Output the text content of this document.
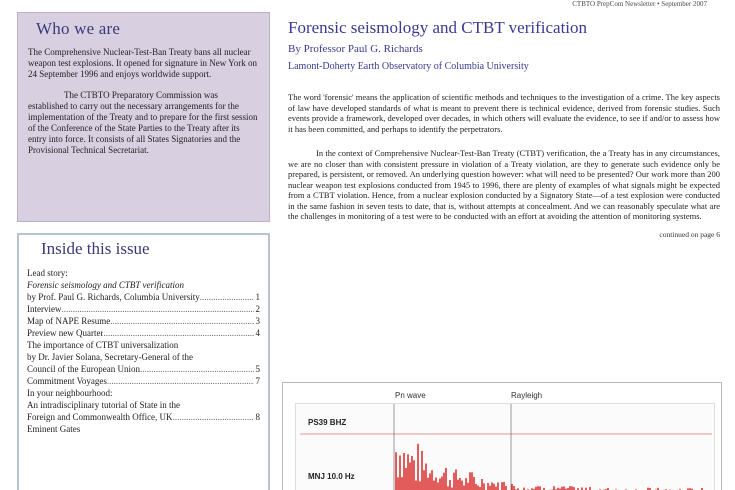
CTBTO PrepCom Newsletter • September 2007
Who we are

The Comprehensive Nuclear-Test-Ban Treaty bans all nuclear weapon test explosions. It opened for signature in New York on 24 September 1996 and enjoys worldwide support.

The CTBTO Preparatory Commission was established to carry out the necessary arrangements for the implementation of the Treaty and to prepare for the first session of the Conference of the State Parties to the Treaty after its entry into force. It consists of all States Signatories and the Provisional Technical Secretariat.

Inside this issue
Lead story:
Forensic seismology and CTBT verification
by Prof. Paul G. Richards, Columbia University .....	1
Interview .....	2
Map of NAPE Resume .....	3
Preview new Quarter .....	4
The importance of CTBT universalization
by Dr. Javier Solana, Secretary-General of the
Council of the European Union .....	5
Commitment Voyages .....	7
In your neighbourhood:
An intradisciplinary tutorial of State in the
Foreign and Commonwealth Office, UK .....	8
Eminent Gates
Forensic seismology and CTBT verification
By Professor Paul G. Richards
Lamont-Doherty Earth Observatory of Columbia University

The word 'forensic' means the application of scientific methods and techniques to the investigation of a crime. The key aspects of law have developed standards of what is meant to prevent there is technical evidence, derived from forensic studies. Such events provide a framework, developed over decades, in which others will evaluate the evidence, to see if and/or to assess how it has been committed, and perhaps to identify the perpetrators.

In the context of Comprehensive Nuclear-Test-Ban Treaty (CTBT) verification, the a Treaty has in any circumstances, we are no closer than with consistent pressure in violation of a Treaty violation, are they to generate such evidence only be prepared, is persistent, or removed. An underlying question however: what will need to be presented? Our work more than 200 nuclear weapon test explosions conducted from 1945 to 1996, there are plenty of examples of what signals might be expected from a CTBT violation. Hence, from a nuclear explosion conducted by a Signatory State—of a test explosion were conducted in the same fashion in seven tests to date, that is, without attempts at concealment. And we can reasonably speculate what are the challenges in monitoring of a test were to be conducted with an effort at avoiding the attention of monitoring systems.

continued on page 6
Pn wave	Rayleigh
PS39 BHZ
MNJ 10.0 Hz
